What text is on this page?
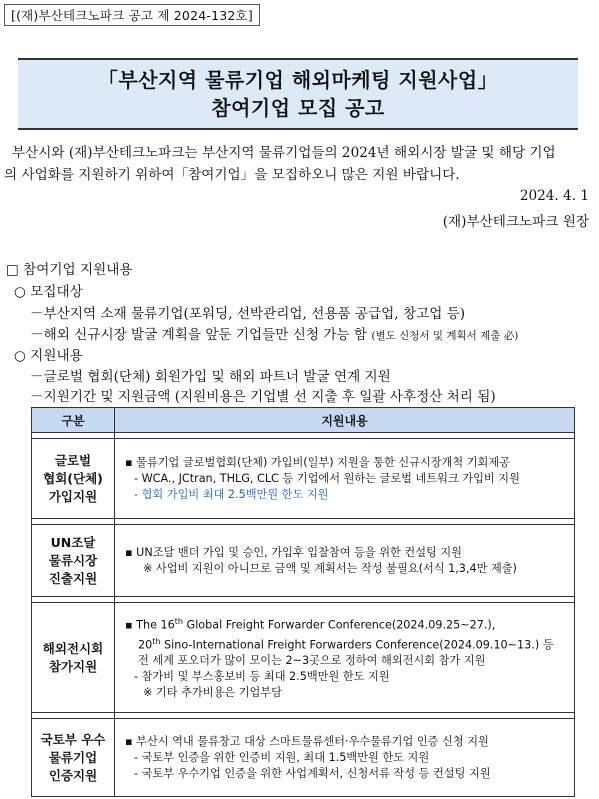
[(재)부산테크노파크 공고 제 2024-132호]
「부산지역 물류기업 해외마케팅 지원사업」
참여기업 모집 공고

부산시와 (재)부산테크노파크는 부산지역 물류기업들의 2024년 해외시장 발굴 및 해당 기업

의 사업화를 지원하기 위하여「참여기업」을 모집하오니 많은 지원 바랍니다.
2024. 4. 1
(재)부산테크노파크 원장
□ 참여기업 지원내용
○ 모집대상
－부산지역 소재 물류기업(포워딩, 선박관리업, 선용품 공급업, 창고업 등)
－해외 신규시장 발굴 계획을 앞둔 기업들만 신청 가능 함 (별도 신청서 및 계획서 제출 必)
○ 지원내용
－글로벌 협회(단체) 회원가입 및 해외 파트너 발굴 연계 지원
－지원기간 및 지원금액 (지원비용은 기업별 선 지출 후 일괄 사후정산 처리 됨)
구분	지원내용

글로벌
협회(단체)
가입지원	▪ 물류기업 글로벌협회(단체) 가입비(일부) 지원을 통한 신규시장개척 기회제공
- WCA., JCtran, THLG, CLC 등 기업에서 원하는 글로벌 네트워크 가입비 지원
- 협회 가입비 최대 2.5백만원 한도 지원

UN조달
물류시장
진출지원	▪ UN조달 밴더 가입 및 승인, 가입후 입찰참여 등을 위한 컨설팅 지원
※ 사업비 지원이 아니므로 금액 및 계획서는 작성 불필요(서식 1,3,4만 제출)

해외전시회
참가지원	▪ The 16th Global Freight Forwarder Conference(2024.09.25~27.),
20th Sino-International Freight Forwarders Conference(2024.09.10~13.) 등
전 세계 포오더가 많이 모이는 2~3곳으로 정하여 해외전시회 참가 지원
- 참가비 및 부스홍보비 등 최대 2.5백만원 한도 지원
※ 기타 추가비용은 기업부담

국토부 우수
물류기업
인증지원	▪ 부산시 역내 물류창고 대상 스마트물류센터·우수물류기업 인증 신청 지원
- 국토부 인증을 위한 인증비 지원, 최대 1.5백만원 한도 지원
- 국토부 우수기업 인증을 위한 사업계획서, 신청서류 작성 등 컨설팅 지원
